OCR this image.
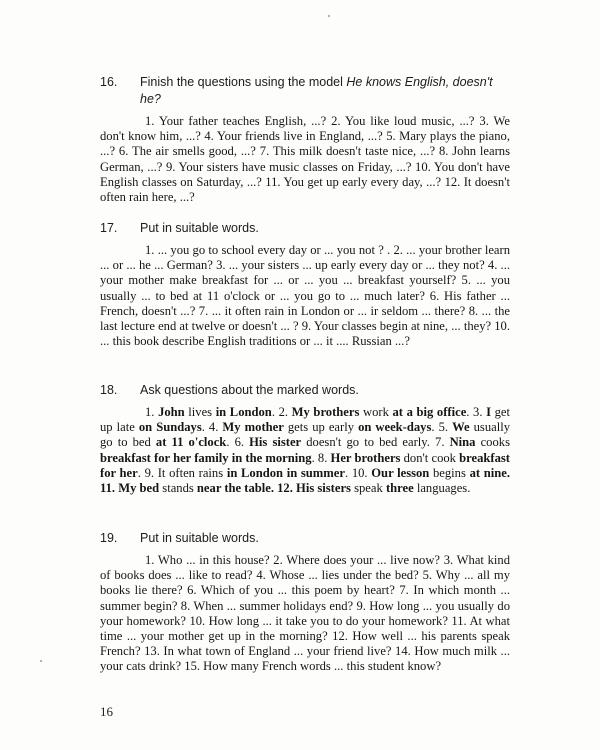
16. Finish the questions using the model He knows English, doesn't he?
1. Your father teaches English, ...? 2. You like loud music, ...? 3. We don't know him, ...? 4. Your friends live in England, ...? 5. Mary plays the piano, ...? 6. The air smells good, ...? 7. This milk doesn't taste nice, ...? 8. John learns German, ...? 9. Your sisters have music classes on Friday, ...? 10. You don't have English classes on Saturday, ...? 11. You get up early every day, ...? 12. It doesn't often rain here, ...?
17. Put in suitable words.
1. ... you go to school every day or ... you not ? . 2. ... your brother learn ... or ... he ... German? 3. ... your sisters ... up early every day or ... they not? 4. ... your mother make breakfast for ... or ... you ... breakfast yourself? 5. ... you usually ... to bed at 11 o'clock or ... you go to ... much later? 6. His father ... French, doesn't ...? 7. ... it often rain in London or ... ir seldom ... there? 8. ... the last lecture end at twelve or doesn't ... ? 9. Your classes begin at nine, ... they? 10. ... this book describe English traditions or ... it .... Russian ...?
18. Ask questions about the marked words.
1. John lives in London. 2. My brothers work at a big office. 3. I get up late on Sundays. 4. My mother gets up early on week-days. 5. We usually go to bed at 11 o'clock. 6. His sister doesn't go to bed early. 7. Nina cooks breakfast for her family in the morning. 8. Her brothers don't cook breakfast for her. 9. It often rains in London in summer. 10. Our lesson begins at nine. 11. My bed stands near the table. 12. His sisters speak three languages.
19. Put in suitable words.
1. Who ... in this house? 2. Where does your ... live now? 3. What kind of books does ... like to read? 4. Whose ... lies under the bed? 5. Why ... all my books lie there? 6. Which of you ... this poem by heart? 7. In which month ... summer begin? 8. When ... summer holidays end? 9. How long ... you usually do your homework? 10. How long ... it take you to do your homework? 11. At what time ... your mother get up in the morning? 12. How well ... his parents speak French? 13. In what town of England ... your friend live? 14. How much milk ... your cats drink? 15. How many French words ... this student know?
16
